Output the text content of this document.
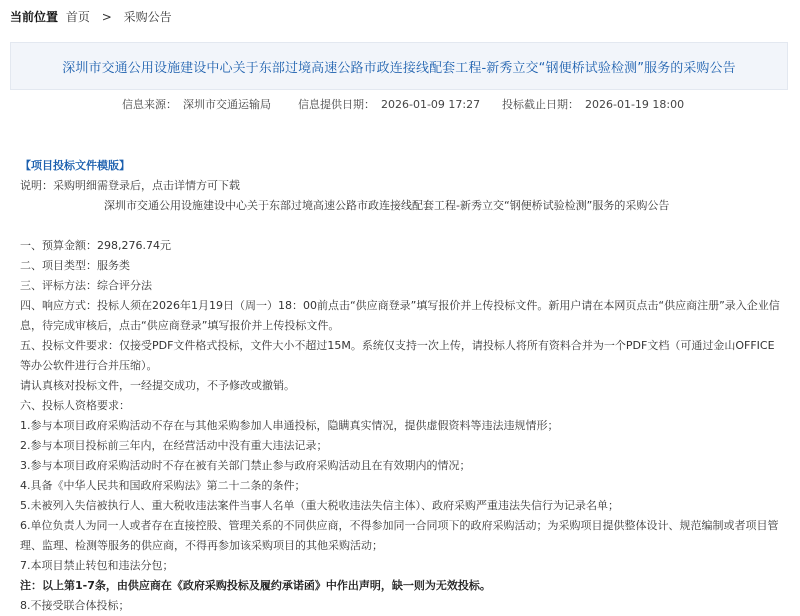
当前位置 首页 > 采购公告
深圳市交通公用设施建设中心关于东部过境高速公路市政连接线配套工程-新秀立交“钢便桥试验检测”服务的采购公告
信息来源： 深圳市交通运输局 信息提供日期： 2026-01-09 17:27 投标截止日期： 2026-01-19 18:00

【项目投标文件模版】

说明：采购明细需登录后，点击详情方可下载

深圳市交通公用设施建设中心关于东部过境高速公路市政连接线配套工程-新秀立交“钢便桥试验检测”服务的采购公告

一、预算金额：298,276.74元

二、项目类型：服务类

三、评标方法：综合评分法

四、响应方式：投标人须在2026年1月19日（周一）18：00前点击“供应商登录”填写报价并上传投标文件。新用户请在本网页点击“供应商注册”录入企业信息，待完成审核后，点击“供应商登录”填写报价并上传投标文件。

五、投标文件要求：仅接受PDF文件格式投标，文件大小不超过15M。系统仅支持一次上传，请投标人将所有资料合并为一个PDF文档（可通过金山OFFICE等办公软件进行合并压缩）。

请认真核对投标文件，一经提交成功，不予修改或撤销。

六、投标人资格要求：

1.参与本项目政府采购活动不存在与其他采购参加人串通投标，隐瞒真实情况，提供虚假资料等违法违规情形；

2.参与本项目投标前三年内，在经营活动中没有重大违法记录；

3.参与本项目政府采购活动时不存在被有关部门禁止参与政府采购活动且在有效期内的情况；

4.具备《中华人民共和国政府采购法》第二十二条的条件；

5.未被列入失信被执行人、重大税收违法案件当事人名单（重大税收违法失信主体）、政府采购严重违法失信行为记录名单；

6.单位负责人为同一人或者存在直接控股、管理关系的不同供应商，不得参加同一合同项下的政府采购活动；为采购项目提供整体设计、规范编制或者项目管理、监理、检测等服务的供应商，不得再参加该采购项目的其他采购活动；

7.本项目禁止转包和违法分包；

注：以上第1-7条，由供应商在《政府采购投标及履约承诺函》中作出声明，缺一则为无效投标。

8.不接受联合体投标；
